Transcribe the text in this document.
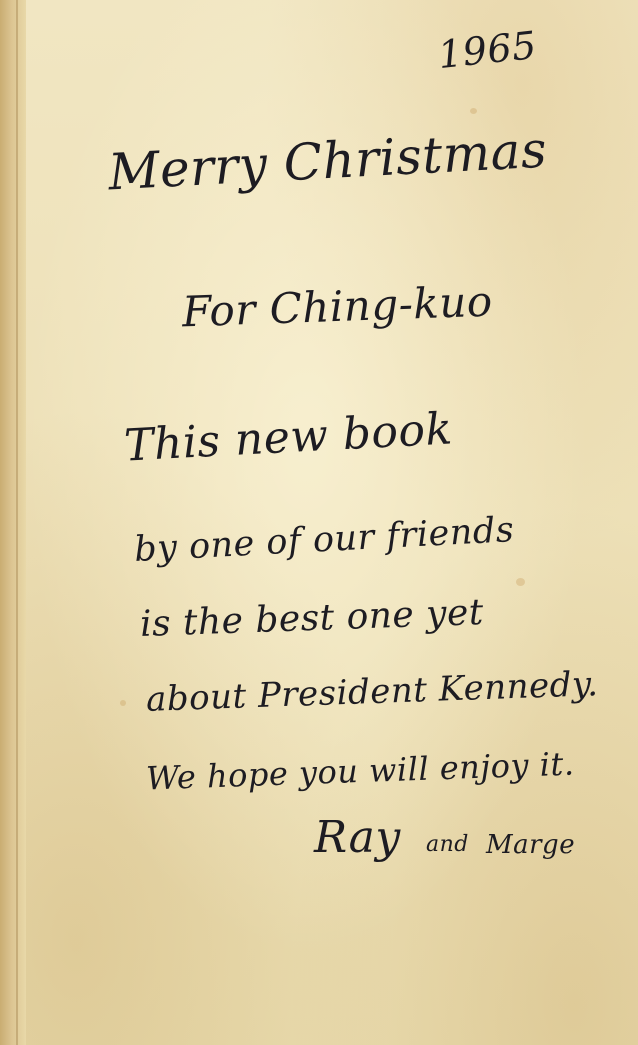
1965

Merry Christmas

For Ching-kuo

This new book

by one of our friends

is the best one yet

about President Kennedy.

We hope you will enjoy it.

Ray and Marge
